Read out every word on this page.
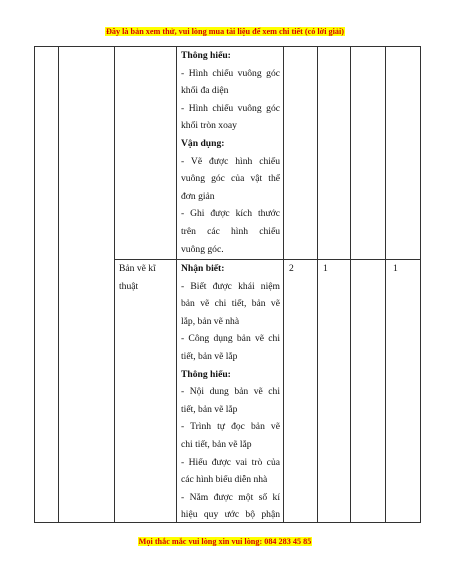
Đây là bản xem thử, vui lòng mua tài liệu để xem chi tiết (có lời giải)
Thông hiểu:
- Hình chiếu vuông góc
khối đa diện
- Hình chiếu vuông góc
khối tròn xoay
Vận dụng:
- Vẽ được hình chiếu
vuông góc của vật thể
đơn giản
- Ghi được kích thước
trên các hình chiếu
vuông góc.
Bản vẽ kĩ
thuật
Nhận biết:
- Biết được khái niệm
bản vẽ chi tiết, bản vẽ
lắp, bản vẽ nhà
- Công dụng bản vẽ chi
tiết, bản vẽ lắp
Thông hiểu:
- Nội dung bản vẽ chi
tiết, bản vẽ lắp
- Trình tự đọc bản vẽ
chi tiết, bản vẽ lắp
- Hiểu được vai trò của
các hình biểu diễn nhà
- Nắm được một số kí
hiệu quy ước bộ phận
2	1	1
Mọi thắc mắc vui lòng xin vui lòng: 084 283 45 85
